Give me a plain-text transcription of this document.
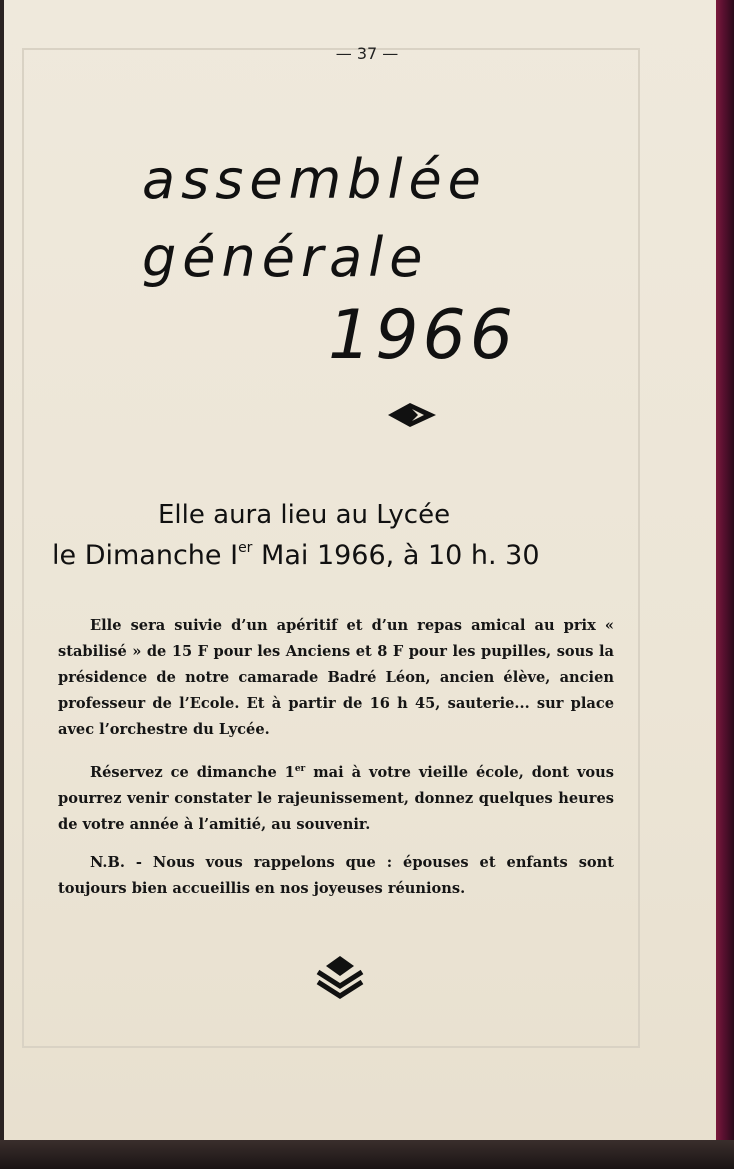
— 37 —
assemblée
générale
1966
Elle aura lieu au Lycée
le Dimanche Ier Mai 1966, à 10 h. 30
Elle sera suivie d’un apéritif et d’un repas amical au prix « stabilisé » de 15 F pour les Anciens et 8 F pour les pupilles, sous la présidence de notre camarade Badré Léon, ancien élève, ancien professeur de l’Ecole. Et à partir de 16 h 45, sauterie... sur place avec l’orchestre du Lycée.
Réservez ce dimanche 1er mai à votre vieille école, dont vous pourrez venir constater le rajeunissement, donnez quelques heures de votre année à l’amitié, au souvenir.
N.B. - Nous vous rappelons que : épouses et enfants sont toujours bien accueillis en nos joyeuses réunions.
